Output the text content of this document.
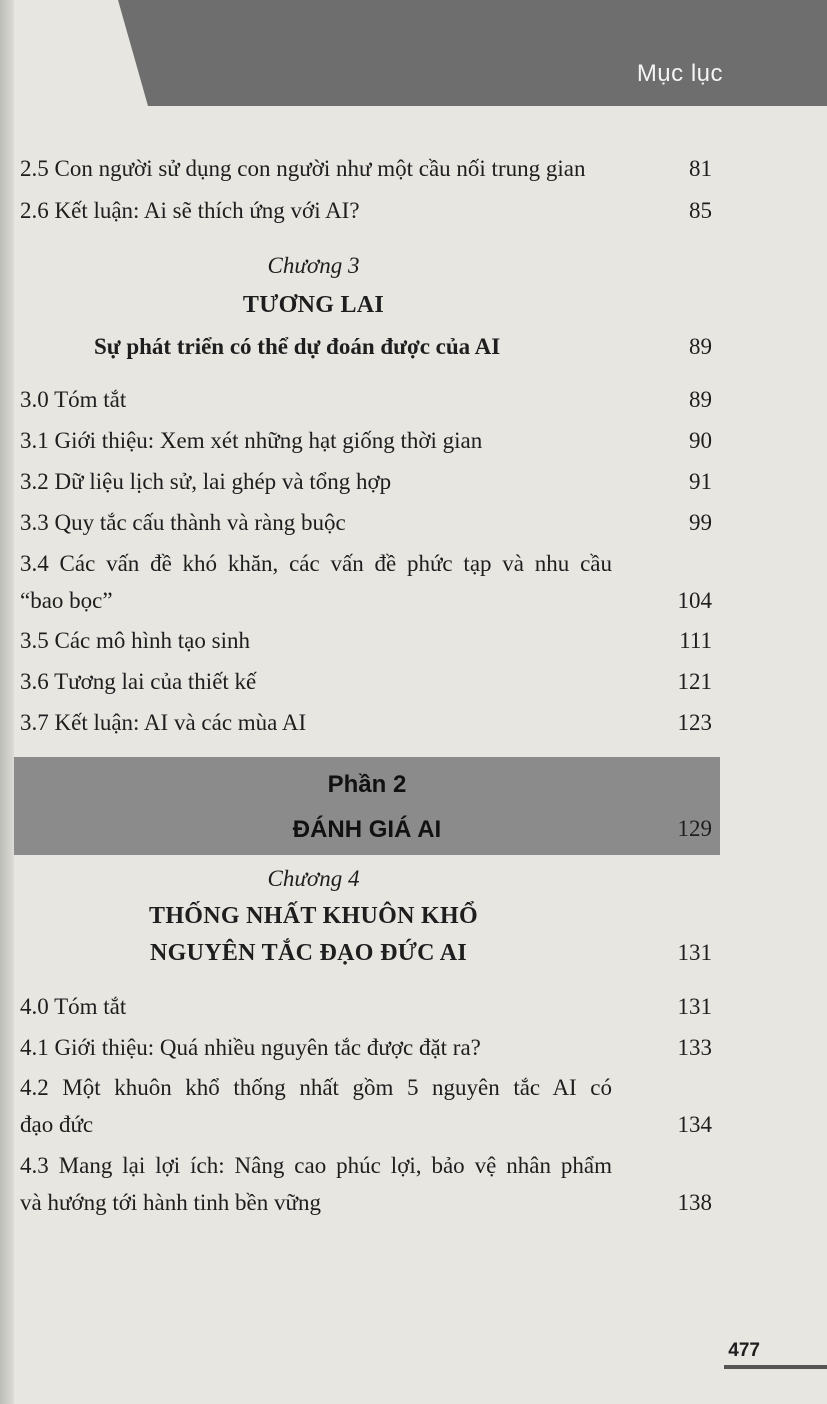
Mục lục
2.5 Con người sử dụng con người như một cầu nối trung gian	81
2.6 Kết luận: Ai sẽ thích ứng với AI?	85
Chương 3
TƯƠNG LAI
Sự phát triển có thể dự đoán được của AI	89
3.0 Tóm tắt	89
3.1 Giới thiệu: Xem xét những hạt giống thời gian	90
3.2 Dữ liệu lịch sử, lai ghép và tổng hợp	91
3.3 Quy tắc cấu thành và ràng buộc	99
3.4 Các vấn đề khó khăn, các vấn đề phức tạp và nhu cầu
“bao bọc”	104
3.5 Các mô hình tạo sinh	111
3.6 Tương lai của thiết kế	121
3.7 Kết luận: AI và các mùa AI	123
Phần 2
ĐÁNH GIÁ AI	129
Chương 4
THỐNG NHẤT KHUÔN KHỔ
NGUYÊN TẮC ĐẠO ĐỨC AI	131
4.0 Tóm tắt	131
4.1 Giới thiệu: Quá nhiều nguyên tắc được đặt ra?	133
4.2 Một khuôn khổ thống nhất gồm 5 nguyên tắc AI có
đạo đức	134
4.3 Mang lại lợi ích: Nâng cao phúc lợi, bảo vệ nhân phẩm
và hướng tới hành tinh bền vững	138
477
